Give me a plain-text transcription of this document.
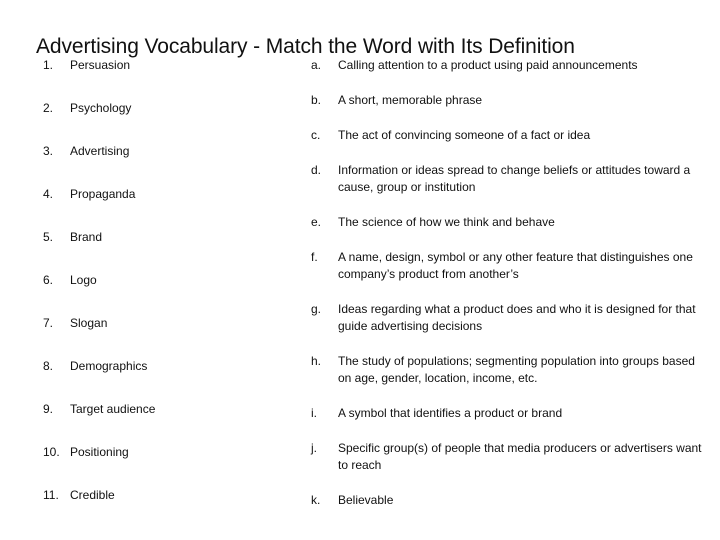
Advertising Vocabulary - Match the Word with Its Definition
1. Persuasion
2. Psychology
3. Advertising
4. Propaganda
5. Brand
6. Logo
7. Slogan
8. Demographics
9. Target audience
10. Positioning
11. Credible
a. Calling attention to a product using paid announcements
b. A short, memorable phrase
c. The act of convincing someone of a fact or idea
d. Information or ideas spread to change beliefs or attitudes toward a cause, group or institution
e. The science of how we think and behave
f. A name, design, symbol or any other feature that distinguishes one company’s product from another’s
g. Ideas regarding what a product does and who it is designed for that guide advertising decisions
h. The study of populations; segmenting population into groups based on age, gender, location, income, etc.
i. A symbol that identifies a product or brand
j. Specific group(s) of people that media producers or advertisers want to reach
k. Believable
